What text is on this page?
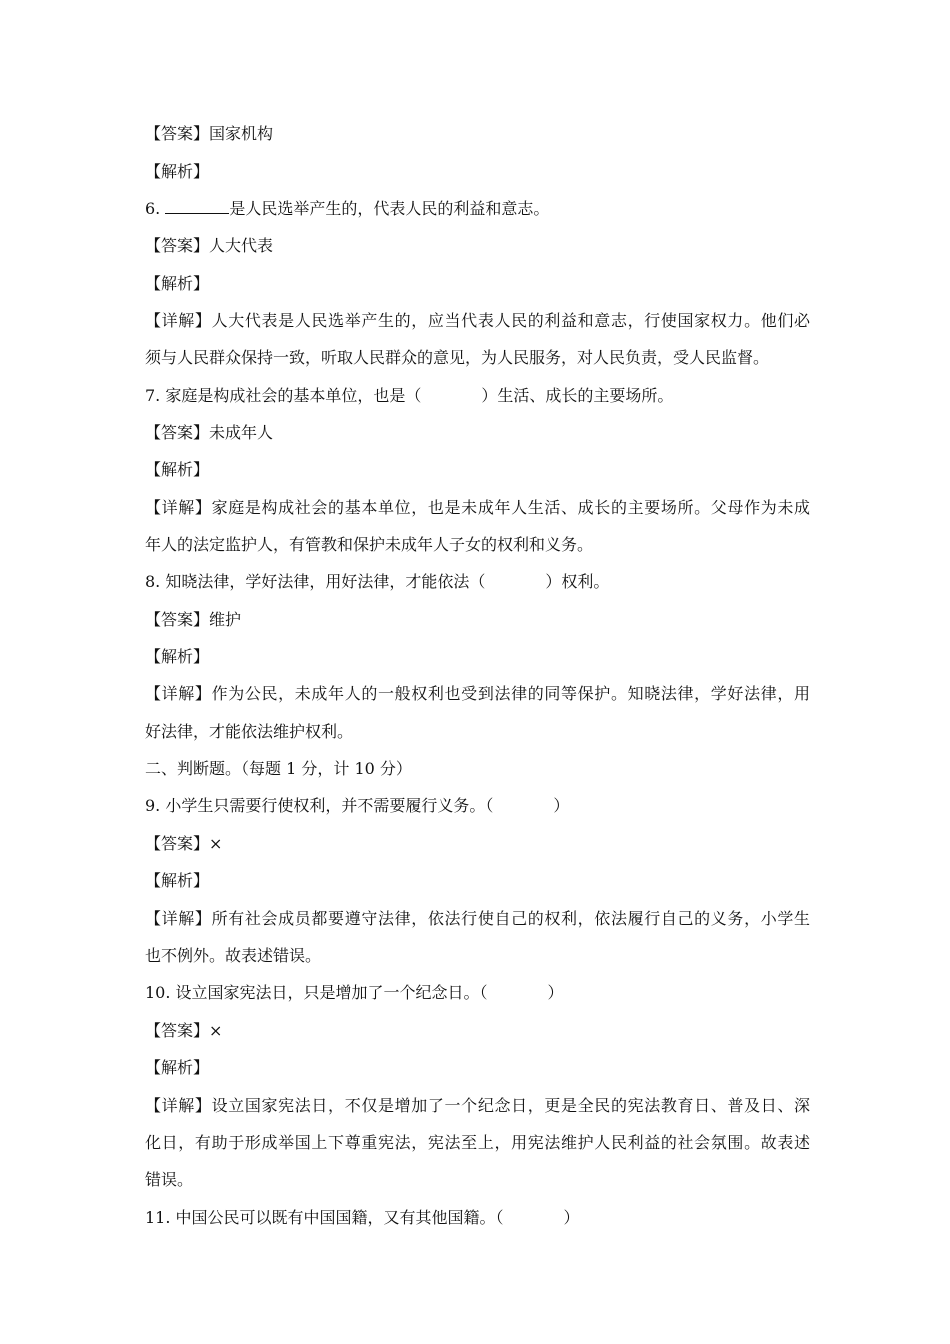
【答案】国家机构
【解析】
6.	是人民选举产生的，代表人民的利益和意志。
【答案】人大代表
【解析】
【详解】人大代表是人民选举产生的，应当代表人民的利益和意志，行使国家权力。他们必
须与人民群众保持一致，听取人民群众的意见，为人民服务，对人民负责，受人民监督。
7. 家庭是构成社会的基本单位，也是（	）生活、成长的主要场所。
【答案】未成年人
【解析】
【详解】家庭是构成社会的基本单位，也是未成年人生活、成长的主要场所。父母作为未成
年人的法定监护人，有管教和保护未成年人子女的权利和义务。
8. 知晓法律，学好法律，用好法律，才能依法（	）权利。
【答案】维护
【解析】
【详解】作为公民，未成年人的一般权利也受到法律的同等保护。知晓法律，学好法律，用
好法律，才能依法维护权利。
二、判断题。（每题 1 分，计 10 分）
9. 小学生只需要行使权利，并不需要履行义务。（	）
【答案】×
【解析】
【详解】所有社会成员都要遵守法律，依法行使自己的权利，依法履行自己的义务，小学生
也不例外。故表述错误。
10. 设立国家宪法日，只是增加了一个纪念日。（	）
【答案】×
【解析】
【详解】设立国家宪法日，不仅是增加了一个纪念日，更是全民的宪法教育日、普及日、深
化日，有助于形成举国上下尊重宪法，宪法至上，用宪法维护人民利益的社会氛围。故表述
错误。
11. 中国公民可以既有中国国籍，又有其他国籍。（	）
